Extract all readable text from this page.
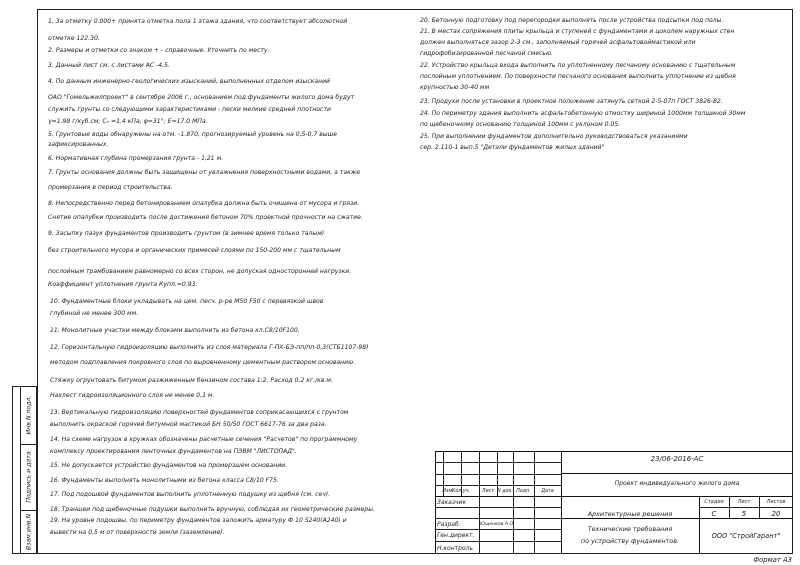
1. За отметку 0.000+ принята отметка пола 1 этажа здания, что соответствует абсолютной
отметке 122.30.
2. Размеры и отметки со знаком + - справочные. Уточнить по месту.
3. Данный лист см. с листами АС -4,5.
4. По данным инженерно-геологических изысканий, выполненных отделом изысканий
ОАО "Гомельжилпроект" в сентябре 2006 г., основанием под фундаменты жилого дома будут
служить грунты со следующими характеристиками - пески мелкие средней плотности
γ=1.98 г/куб.см; Cₙ =1.4 кПа; φ=31°; E=17.0 МПа.
5. Грунтовые воды обнаружены на отм. -1.870, прогнозируемый уровень на 0,5-0,7 выше
зафиксированных.
6. Нормативная глубина промерзания грунта - 1,21 м.
7. Грунты основания должны быть защищены от увлажнения поверхностными водами, а также
промерзания в период строительства.
8. Непосредственно перед бетонированием опалубка должна быть очищена от мусора и грязи.
Снятие опалубки производить после достижения бетоном 70% проектной прочности на сжатие.
9. Засыпку пазух фундаментов производить грунтом (в зимнее время только талым)
без строительного мусора и органических примесей слоями по 150-200 мм с тщательным
послойным трамбованием равномерно со всех сторон, не допуская односторонней нагрузки.
Коэффициент уплотнения грунта Купл.=0.93.
10. Фундаментные блоки укладывать на цем. песч. р-ре М50 F50 с перевязкой швов
глубиной не менее 300 мм.
11. Монолитные участки между блоками выполнить из бетона кл.С8/10F100.
12. Горизонтальную гидроизоляцию выполнить из слоя материала Г-ПХ-БЭ-пп/пп-0,3(СТБ1107-98)
методом подплавления покровного слоя по выровненному цементным раствором основанию.
Стяжку огрунтовать битумом разжиженным бензином состава 1:2. Расход 0,2 кг./кв.м.
Нахлест гидроизоляционного слоя не менее 0,1 м.
13. Вертикальную гидроизоляцию поверхностей фундаментов соприкасающихся с грунтом
выполнить окраской горячей битумной мастикой БН 50/50 ГОСТ 6617-76 за два раза.
14. На схеме нагрузок в кружках обозначены расчетные сечения "Расчетов" по программному
комплексу проектирования ленточных фундаментов на ПЭВМ "ЛИСТОПАД".
15. Не допускается устройство фундаментов на промерзшем основании.
16. Фундаменты выполнять монолитными из бетона класса С8/10 F75.
17. Под подошвой фундаментов выполнить уплотненную подушку из щебня (см. сеч).
18. Траншеи под щебеночные подушки выполнить вручную, соблюдая их геометрические размеры.
19. На уровне подошвы, по периметру фундаментов заложить арматуру Ф 10 S240(А240) и
вывести на 0,5 м от поверхности земли (заземление).
20. Бетонную подготовку под перегородки выполнять после устройства подсыпки под полы.
21. В местах сопряжения плиты крыльца и ступеней с фундаментами и цоколем наружных стен
должен выполняться зазор 2-3 см., заполняемый горячей асфальтовоймастикой или
гидрофобизированной песчаной смесью.
22. Устройство крыльца входа выполнить по уплотненному песчаному основанию с тщательным
послойным уплотнением. По поверхности песчаного основания выполнить уплотнение из щебня
крупностью 30-40 мм
23. Продухи после установки в проектное положение затянуть сеткой 2-5-07п ГОСТ 3826-82.
24. По периметру здания выполнить асфальтобетонную отмостку шириной 1000мм толщиной 30мм
по щебеночному основанию толщиной 100мм с уклоном 0.05.
25. При выполнении фундаментов дополнительно руководствоваться указаниями
сер. 2.110-1 вып.5 "Детали фундаментов жилых зданий"
Инв.N подл.
Подпись и дата
Взам.инв.N
Изм.
Кол.уч.	Лист N док. Подп.	Дата
Заказчик
Разраб.	Ющенков А.О.
Ген.директ.
Н.контроль
23/06-2016-АС
Проект индивидуального жилого дома
Архитектурные решения
Стадия	Лист	Листов
С	5	20
Технические требования
по устройству фундаментов.
ООО "СтройГарант"
Формат А3
